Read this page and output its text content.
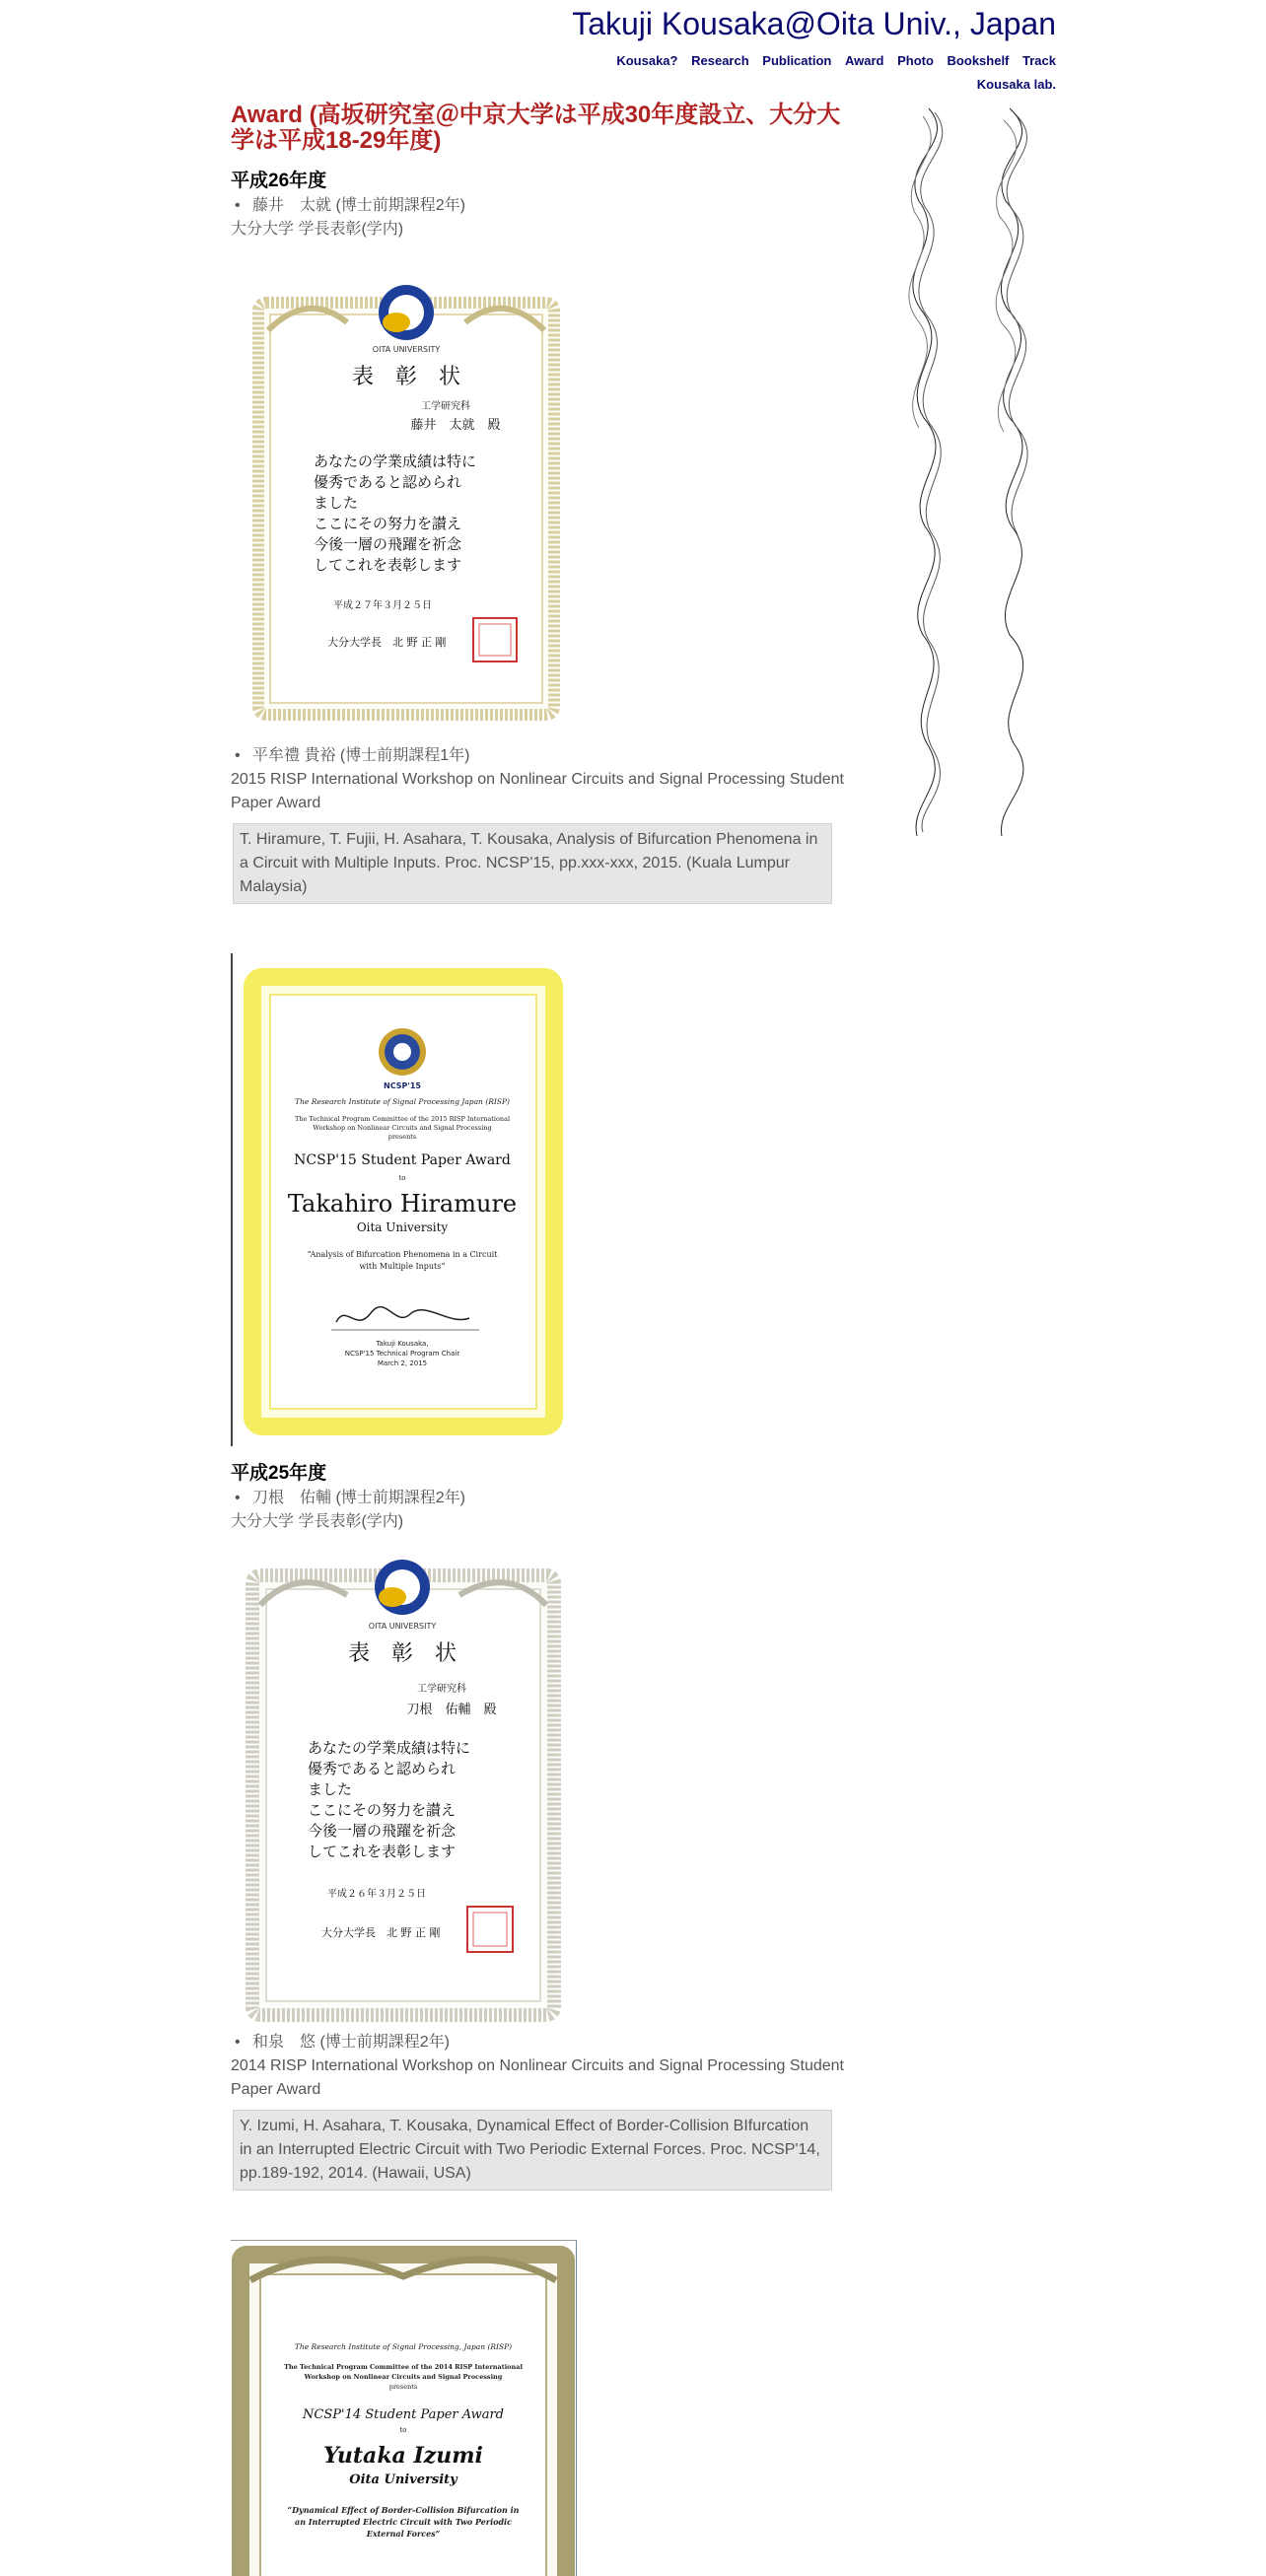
Takuji Kousaka@Oita Univ., Japan
Kousaka? Research Publication Award Photo Bookshelf Track
Kousaka lab.
Award (高坂研究室＠中京大学は平成30年度設立、大分大学は平成18-29年度)
平成26年度
• 藤井　太就 (博士前期課程2年)
大分大学 学長表彰(学内)
OITA UNIVERSITY
表　彰　状
工学研究科
藤井　太就　殿
あなたの学業成績は特に
優秀であると認められ
ました
ここにその努力を讃え
今後一層の飛躍を祈念
してこれを表彰します
平成２７年３月２５日
大分大学長　北 野 正 剛
• 平牟禮 貴裕 (博士前期課程1年)
2015 RISP International Workshop on Nonlinear Circuits and Signal Processing Student Paper Award
T. Hiramure, T. Fujii, H. Asahara, T. Kousaka, Analysis of Bifurcation Phenomena in a Circuit with Multiple Inputs. Proc. NCSP'15, pp.xxx-xxx, 2015. (Kuala Lumpur Malaysia)
NCSP'15
The Research Institute of Signal Processing Japan (RISP)
The Technical Program Committee of the 2015 RISP International
Workshop on Nonlinear Circuits and Signal Processing
presents
NCSP'15 Student Paper Award
to
Takahiro Hiramure
Oita University
“Analysis of Bifurcation Phenomena in a Circuit
with Multiple Inputs”
Takuji Kousaka,
NCSP'15 Technical Program Chair
March 2, 2015
平成25年度
• 刀根　佑輔 (博士前期課程2年)
大分大学 学長表彰(学内)
OITA UNIVERSITY
表　彰　状
工学研究科
刀根　佑輔　殿
あなたの学業成績は特に
優秀であると認められ
ました
ここにその努力を讃え
今後一層の飛躍を祈念
してこれを表彰します
平成２６年３月２５日
大分大学長　北 野 正 剛
• 和泉　悠 (博士前期課程2年)
2014 RISP International Workshop on Nonlinear Circuits and Signal Processing Student Paper Award
Y. Izumi, H. Asahara, T. Kousaka, Dynamical Effect of Border-Collision BIfurcation in an Interrupted Electric Circuit with Two Periodic External Forces. Proc. NCSP'14, pp.189-192, 2014. (Hawaii, USA)
The Research Institute of Signal Processing, Japan (RISP)
The Technical Program Committee of the 2014 RISP International
Workshop on Nonlinear Circuits and Signal Processing
presents
NCSP'14 Student Paper Award
to
Yutaka Izumi
Oita University
“Dynamical Effect of Border-Collision Bifurcation in
an Interrupted Electric Circuit with Two Periodic
External Forces”
